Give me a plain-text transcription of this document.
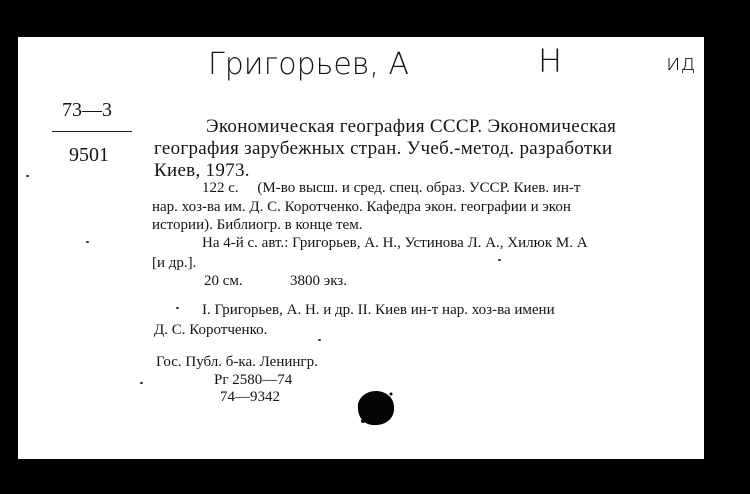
Григорьев, А	Н	ид
73—3
9501
Экономическая география СССР. Экономическая
география зарубежных стран. Учеб.-метод. разработки
Киев, 1973.
122 с.     (М-во высш. и сред. спец. образ. УССР. Киев. ин-т
нар. хоз-ва им. Д. С. Коротченко. Кафедра экон. географии и экон
истории). Библиогр. в конце тем.
На 4-й с. авт.: Григорьев, А. Н., Устинова Л. А., Хилюк М. А
[и др.].
20 см.	3800 экз.
I. Григорьев, А. Н. и др. II. Киев ин-т нар. хоз-ва имени
Д. С. Коротченко.
Гос. Публ. б-ка. Ленингр.
Рг 2580—74
74—9342
